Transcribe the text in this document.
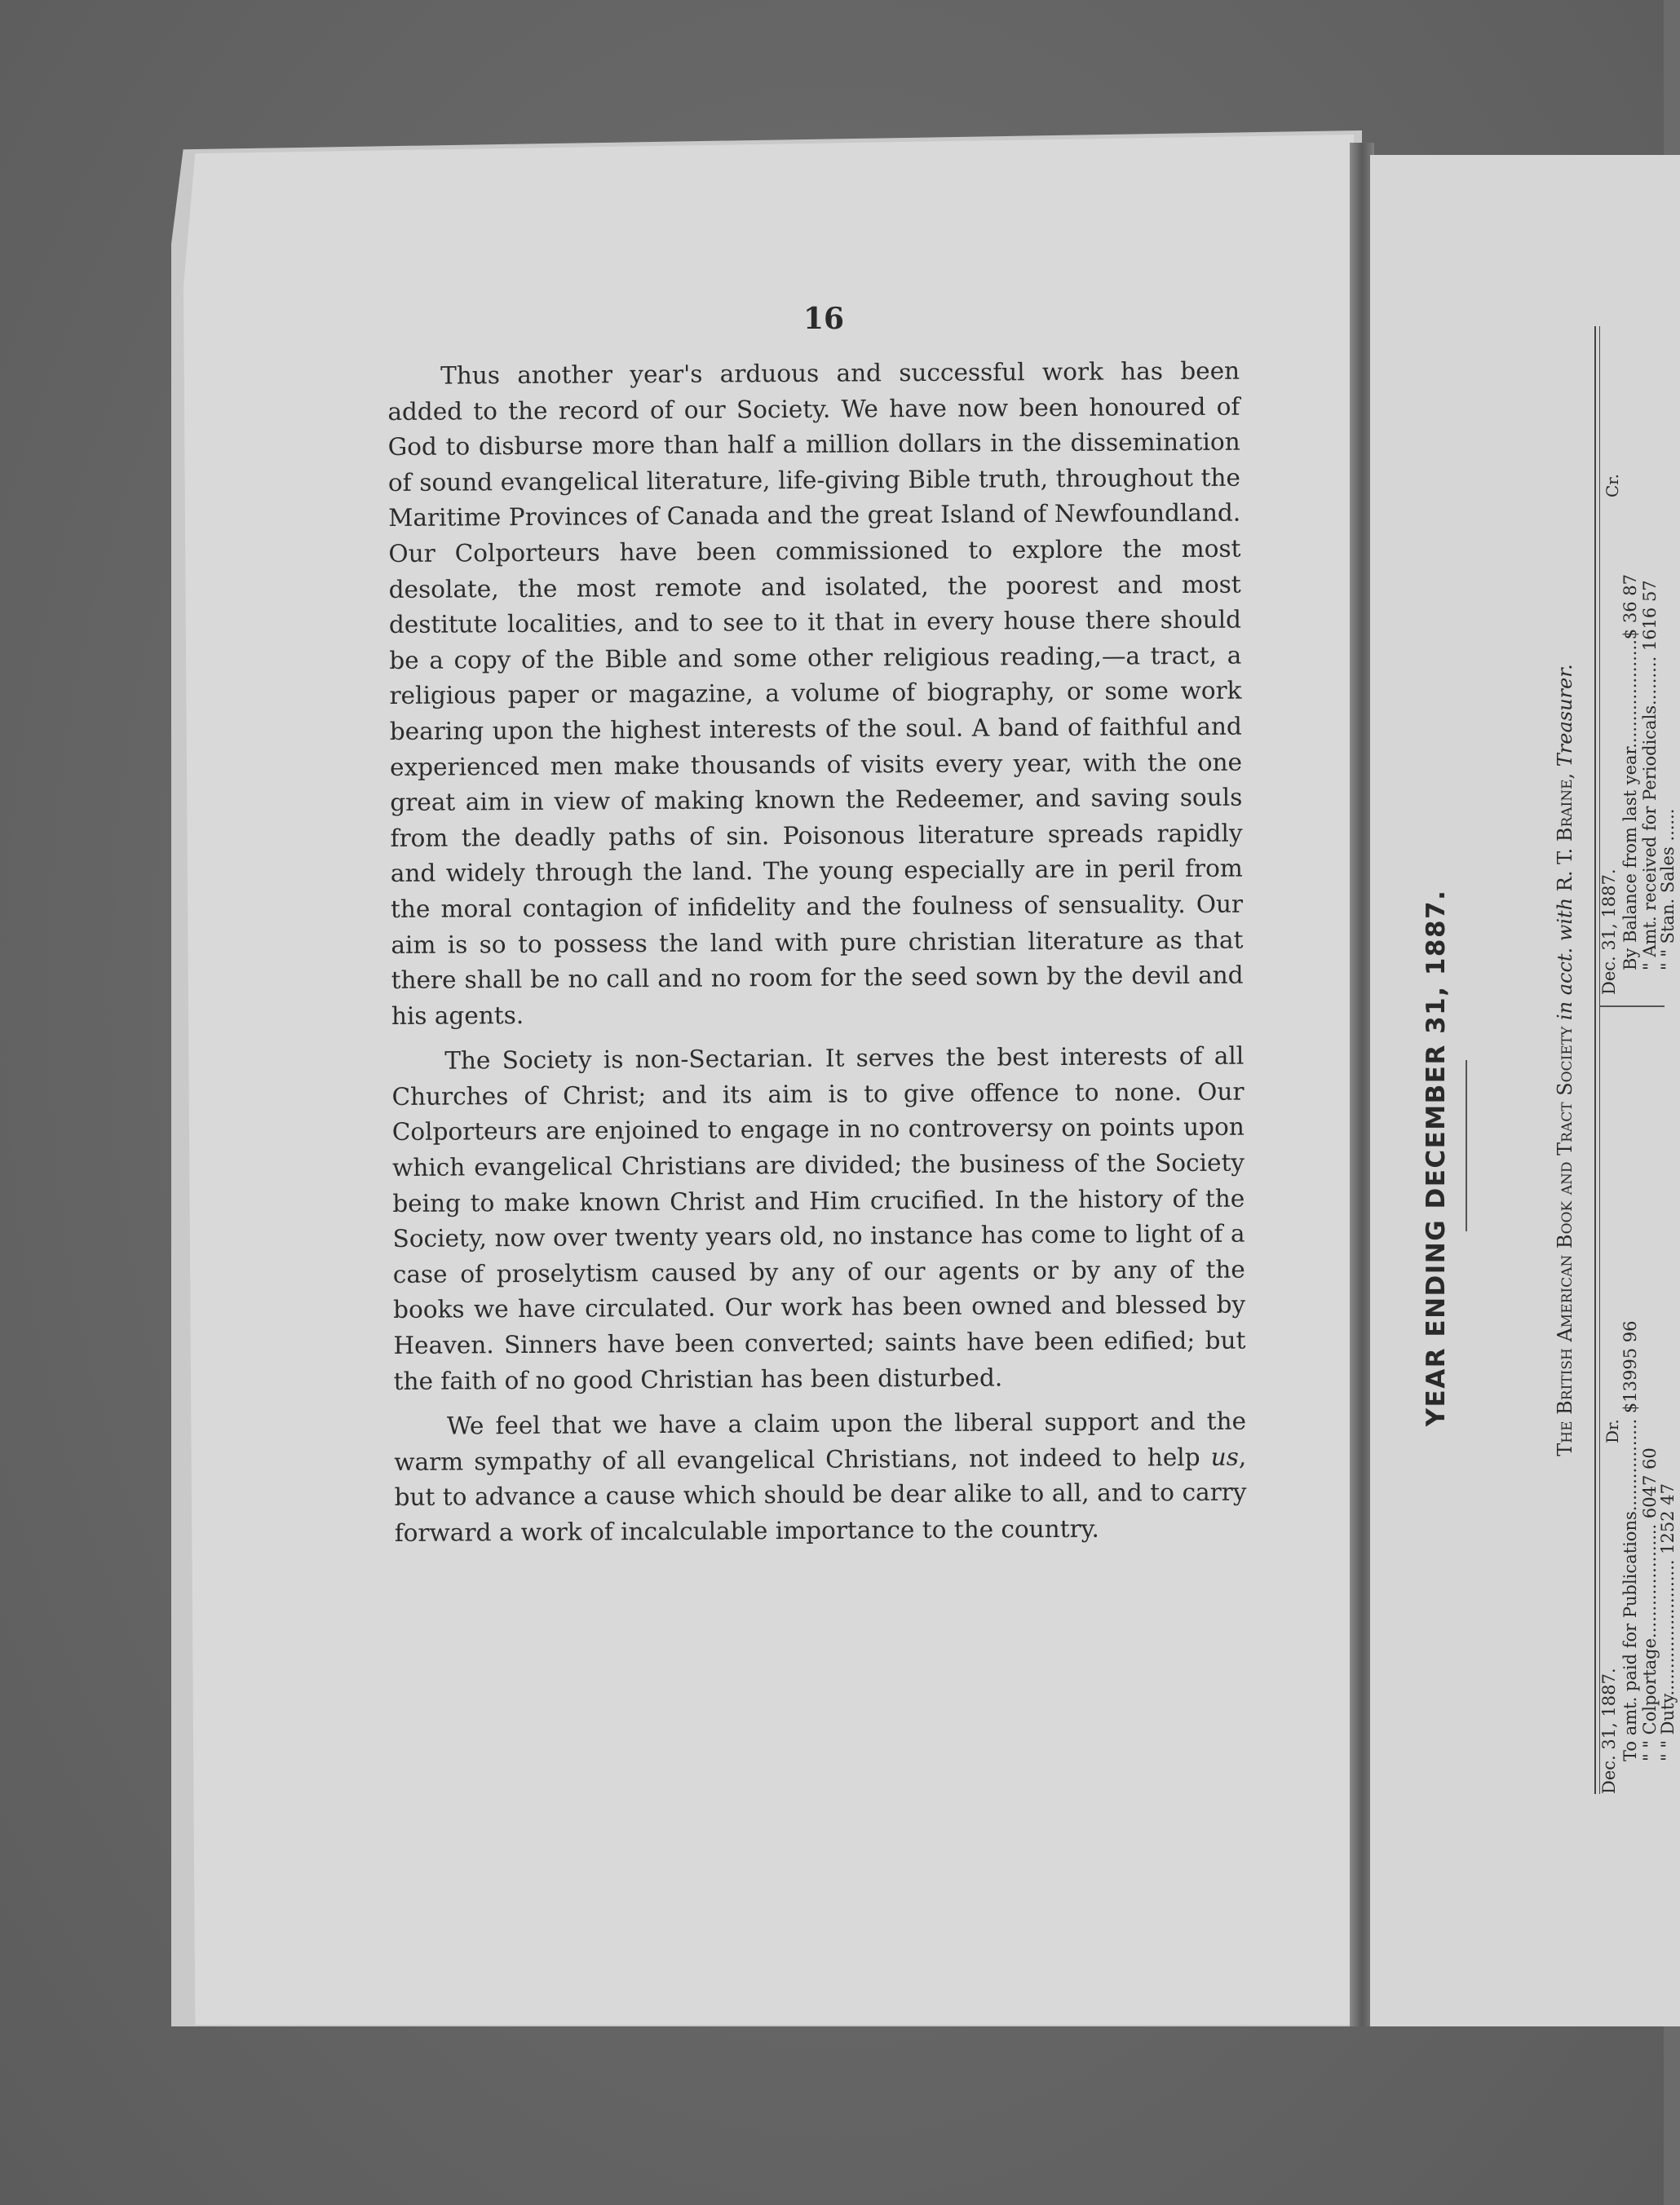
16

Thus another year's arduous and successful work has been added to the record of our Society. We have now been honoured of God to disburse more than half a million dollars in the dissemination of sound evangelical literature, life-giving Bible truth, throughout the Maritime Provinces of Canada and the great Island of Newfoundland. Our Colporteurs have been commissioned to explore the most desolate, the most remote and isolated, the poorest and most destitute localities, and to see to it that in every house there should be a copy of the Bible and some other religious reading,—a tract, a religious paper or magazine, a volume of biography, or some work bearing upon the highest interests of the soul. A band of faithful and experienced men make thousands of visits every year, with the one great aim in view of making known the Redeemer, and saving souls from the deadly paths of sin. Poisonous literature spreads rapidly and widely through the land. The young especially are in peril from the moral contagion of infidelity and the foulness of sensuality. Our aim is so to possess the land with pure christian literature as that there shall be no call and no room for the seed sown by the devil and his agents.

The Society is non-Sectarian. It serves the best interests of all Churches of Christ; and its aim is to give offence to none. Our Colporteurs are enjoined to engage in no controversy on points upon which evangelical Christians are divided; the business of the Society being to make known Christ and Him crucified. In the history of the Society, now over twenty years old, no instance has come to light of a case of proselytism caused by any of our agents or by any of the books we have circulated. Our work has been owned and blessed by Heaven. Sinners have been converted; saints have been edified; but the faith of no good Christian has been disturbed.

We feel that we have a claim upon the liberal support and the warm sympathy of all evangelical Christians, not indeed to help us, but to advance a cause which should be dear alike to all, and to carry forward a work of incalculable importance to the country.

YEAR ENDING DECEMBER 31, 1887.	The British American Book and Tract Society in acct. with R. T. Braine, Treasurer.
Dec. 31, 1887.
Dr.
Dec. 31, 1887.
Cr.
To amt. paid for Publications................. $13995 96
" " Colportage..................... 6047 60
" " Duty......................... 1252 47
By Balance from last year....................$ 36 87
" Amt. received for Periodicals......... 1616 57
" " Stan. Sales ......
